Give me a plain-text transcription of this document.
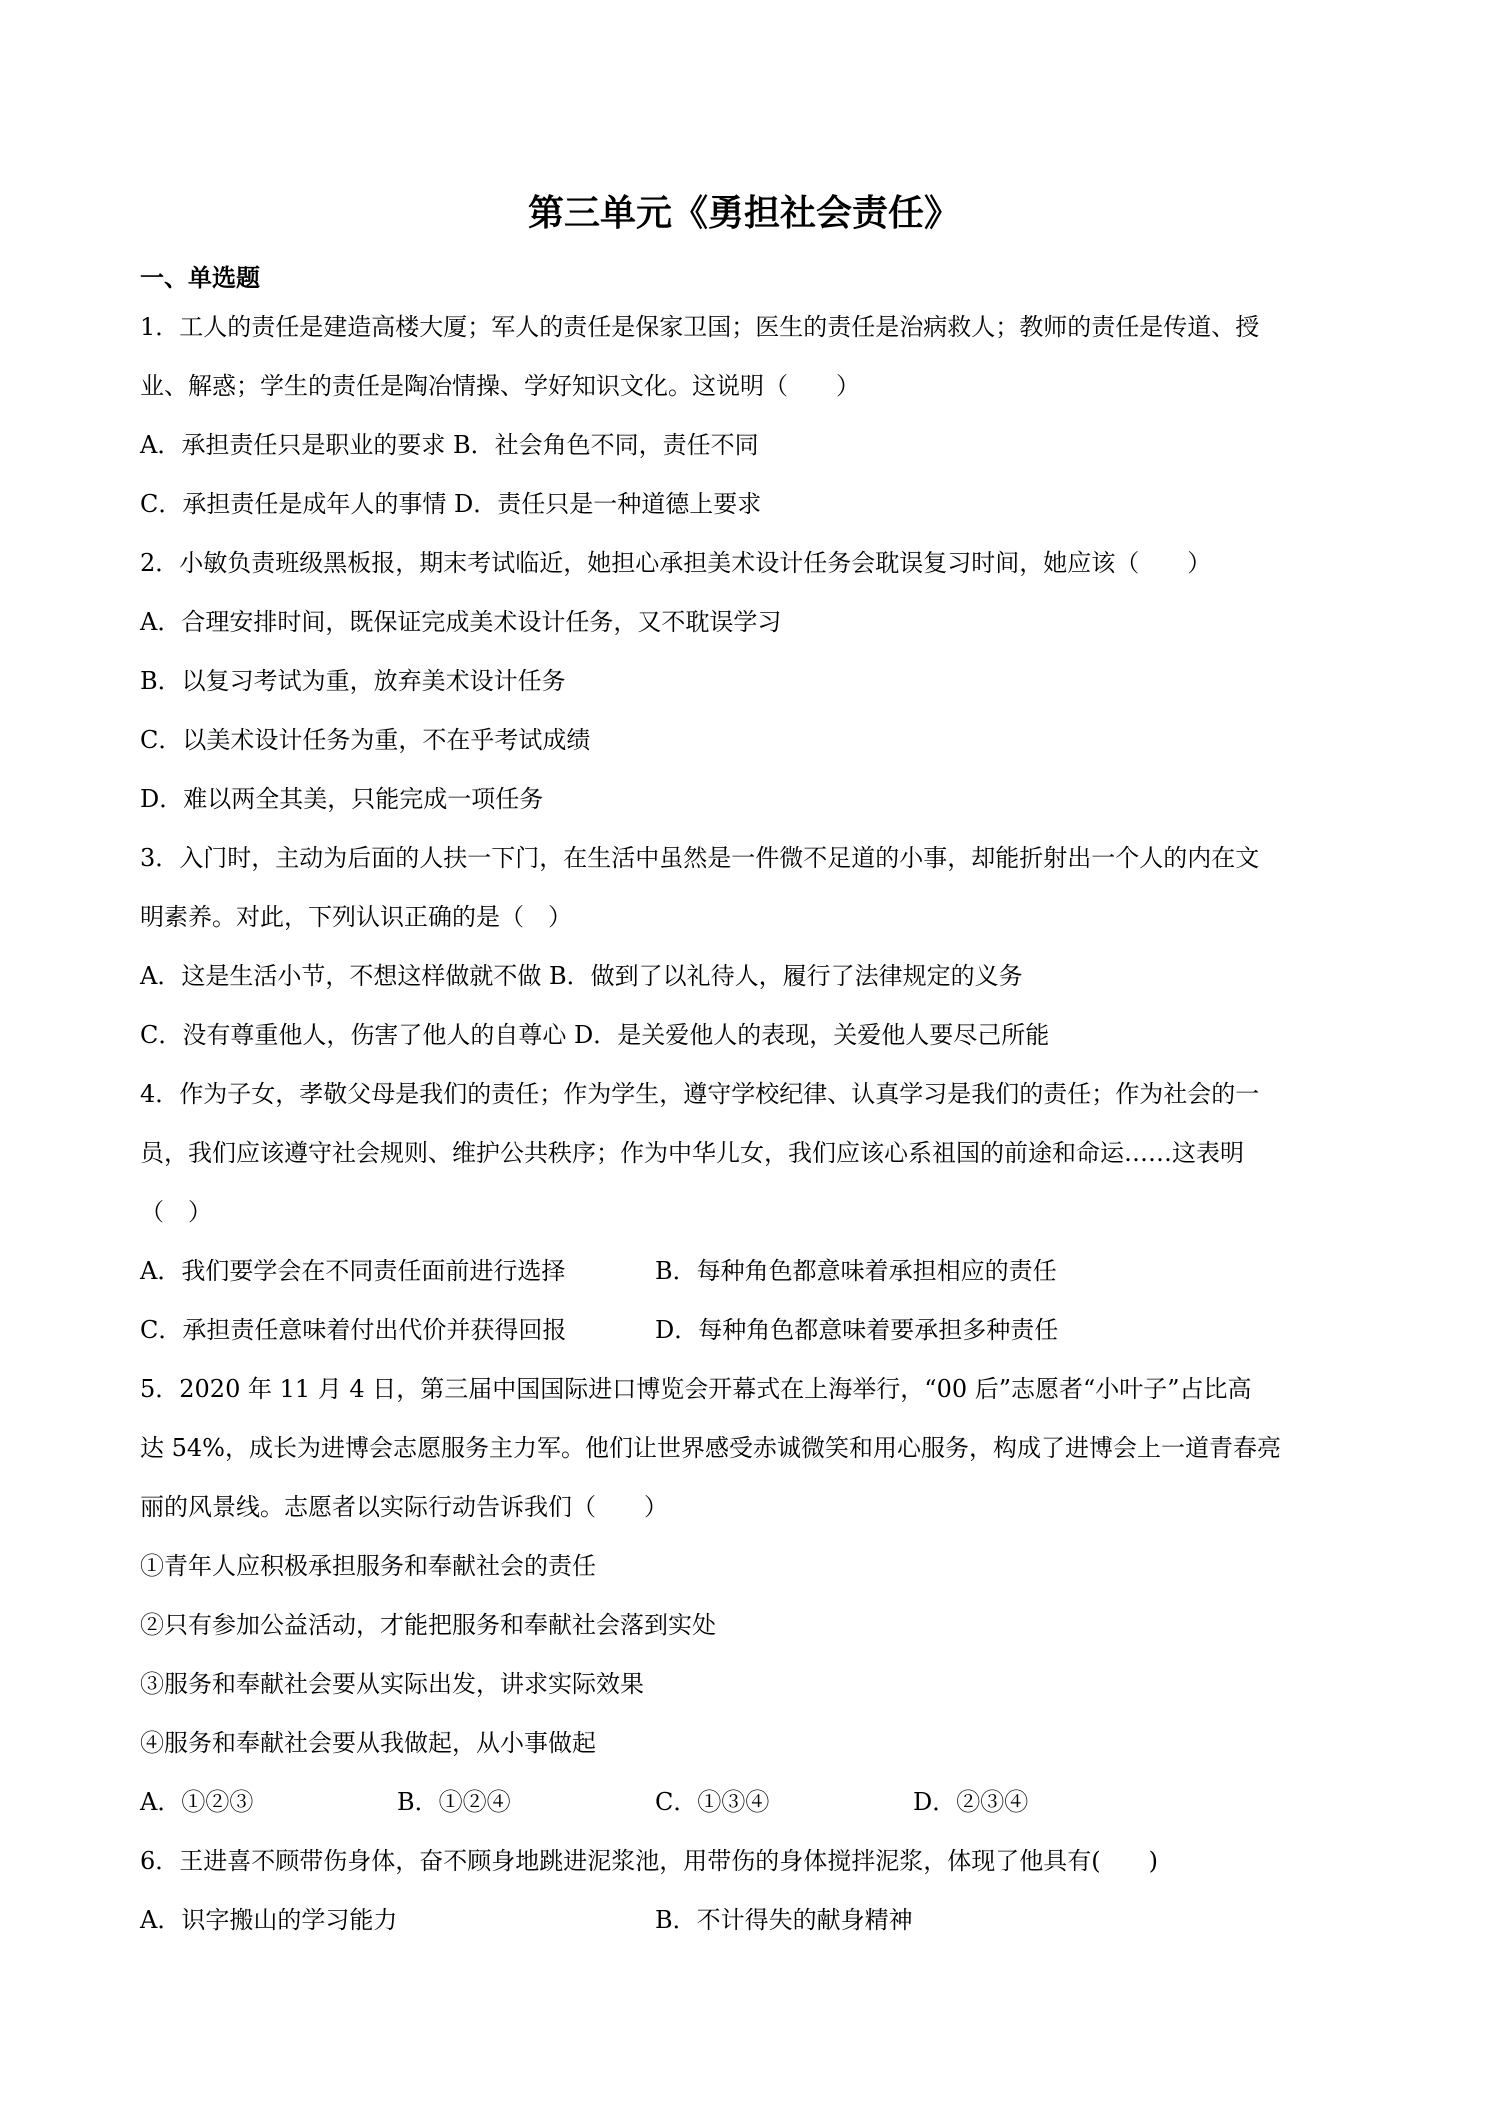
第三单元《勇担社会责任》
一、单选题
1．工人的责任是建造高楼大厦；军人的责任是保家卫国；医生的责任是治病救人；教师的责任是传道、授
业、解惑；学生的责任是陶冶情操、学好知识文化。这说明（　　）
A．承担责任只是职业的要求 B．社会角色不同，责任不同
C．承担责任是成年人的事情 D．责任只是一种道德上要求
2．小敏负责班级黑板报，期末考试临近，她担心承担美术设计任务会耽误复习时间，她应该（　　）
A．合理安排时间，既保证完成美术设计任务，又不耽误学习
B．以复习考试为重，放弃美术设计任务
C．以美术设计任务为重，不在乎考试成绩
D．难以两全其美，只能完成一项任务
3．入门时，主动为后面的人扶一下门，在生活中虽然是一件微不足道的小事，却能折射出一个人的内在文
明素养。对此，下列认识正确的是（　）
A．这是生活小节，不想这样做就不做 B．做到了以礼待人，履行了法律规定的义务
C．没有尊重他人，伤害了他人的自尊心 D．是关爱他人的表现，关爱他人要尽己所能
4．作为子女，孝敬父母是我们的责任；作为学生，遵守学校纪律、认真学习是我们的责任；作为社会的一
员，我们应该遵守社会规则、维护公共秩序；作为中华儿女，我们应该心系祖国的前途和命运……这表明
（　）
A．我们要学会在不同责任面前进行选择	B．每种角色都意味着承担相应的责任
C．承担责任意味着付出代价并获得回报	D．每种角色都意味着要承担多种责任
5．2020 年 11 月 4 日，第三届中国国际进口博览会开幕式在上海举行，“00 后”志愿者“小叶子”占比高
达 54%，成长为进博会志愿服务主力军。他们让世界感受赤诚微笑和用心服务，构成了进博会上一道青春亮
丽的风景线。志愿者以实际行动告诉我们（　　）
①青年人应积极承担服务和奉献社会的责任
②只有参加公益活动，才能把服务和奉献社会落到实处
③服务和奉献社会要从实际出发，讲求实际效果
④服务和奉献社会要从我做起，从小事做起
A．①②③	B．①②④	C．①③④	D．②③④
6．王进喜不顾带伤身体，奋不顾身地跳进泥浆池，用带伤的身体搅拌泥浆，体现了他具有(　　)
A．识字搬山的学习能力	B．不计得失的献身精神
